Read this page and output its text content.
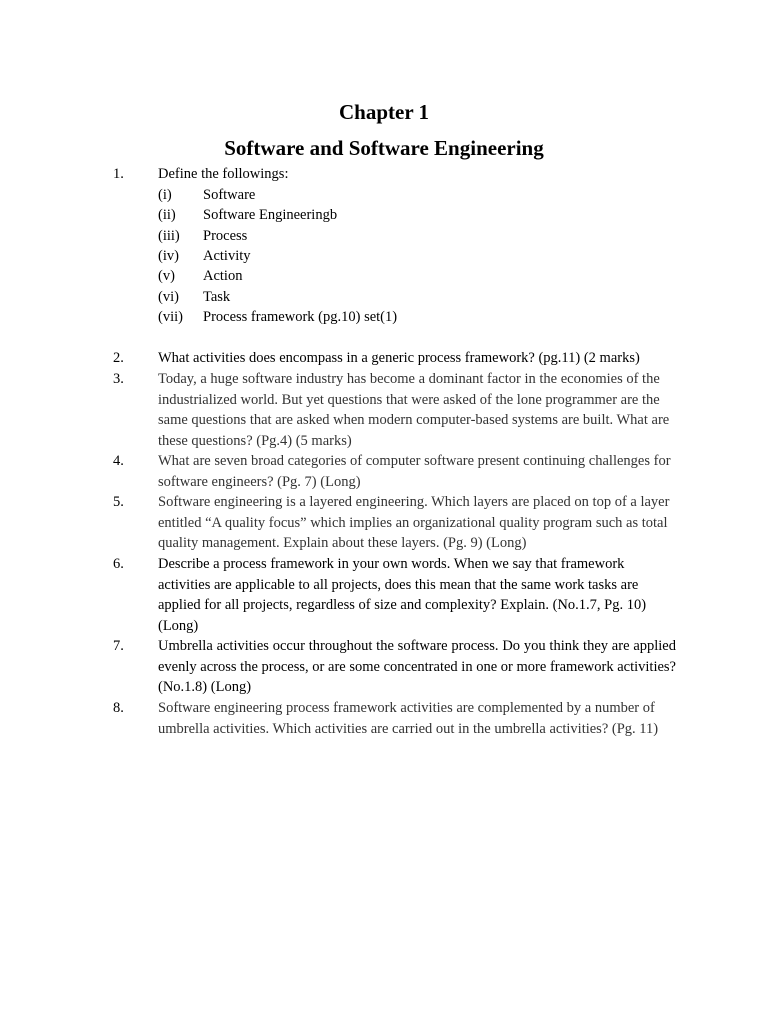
Chapter 1
Software and Software Engineering
1. Define the followings:
(i) Software
(ii) Software Engineeringb
(iii) Process
(iv) Activity
(v) Action
(vi) Task
(vii) Process framework (pg.10) set(1)
2. What activities does encompass in a generic process framework? (pg.11) (2 marks)
3. Today, a huge software industry has become a dominant factor in the economies of the industrialized world. But yet questions that were asked of the lone programmer are the same questions that are asked when modern computer-based systems are built. What are these questions? (Pg.4) (5 marks)
4. What are seven broad categories of computer software present continuing challenges for software engineers? (Pg. 7) (Long)
5. Software engineering is a layered engineering. Which layers are placed on top of a layer entitled “A quality focus” which implies an organizational quality program such as total quality management. Explain about these layers. (Pg. 9) (Long)
6. Describe a process framework in your own words. When we say that framework activities are applicable to all projects, does this mean that the same work tasks are applied for all projects, regardless of size and complexity? Explain. (No.1.7, Pg. 10) (Long)
7. Umbrella activities occur throughout the software process. Do you think they are applied evenly across the process, or are some concentrated in one or more framework activities? (No.1.8) (Long)
8. Software engineering process framework activities are complemented by a number of umbrella activities. Which activities are carried out in the umbrella activities? (Pg. 11)
